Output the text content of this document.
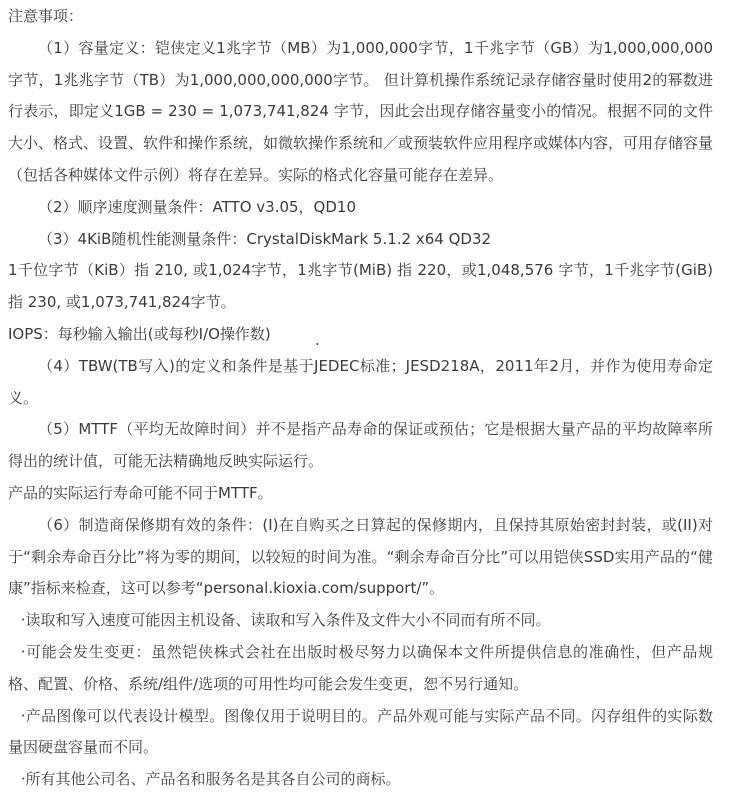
注意事项：

（1）容量定义：铠侠定义1兆字节（MB）为1,000,000字节，1千兆字节（GB）为1,000,000,000字节，1兆兆字节（TB）为1,000,000,000,000字节。 但计算机操作系统记录存储容量时使用2的幂数进行表示，即定义1GB = 230 = 1,073,741,824 字节，因此会出现存储容量变小的情况。根据不同的文件大小、格式、设置、软件和操作系统，如微软操作系统和／或预装软件应用程序或媒体内容，可用存储容量（包括各种媒体文件示例）将存在差异。实际的格式化容量可能存在差异。

（2）顺序速度测量条件：ATTO v3.05，QD10

（3）4KiB随机性能测量条件：CrystalDiskMark 5.1.2 x64 QD32

1千位字节（KiB）指 210, 或1,024字节，1兆字节(MiB) 指 220，或1,048,576 字节，1千兆字节(GiB)指 230, 或1,073,741,824字节。

IOPS：每秒输入输出(或每秒I/O操作数)

（4）TBW(TB写入)的定义和条件是基于JEDEC标准；JESD218A，2011年2月，并作为使用寿命定义。

（5）MTTF（平均无故障时间）并不是指产品寿命的保证或预估；它是根据大量产品的平均故障率所得出的统计值，可能无法精确地反映实际运行。

产品的实际运行寿命可能不同于MTTF。

（6）制造商保修期有效的条件：(I)在自购买之日算起的保修期内，且保持其原始密封封装，或(II)对于“剩余寿命百分比”将为零的期间，以较短的时间为准。“剩余寿命百分比”可以用铠侠SSD实用产品的“健康”指标来检查，这可以参考“personal.kioxia.com/support/”。

·读取和写入速度可能因主机设备、读取和写入条件及文件大小不同而有所不同。

·可能会发生变更：虽然铠侠株式会社在出版时极尽努力以确保本文件所提供信息的准确性，但产品规格、配置、价格、系统/组件/选项的可用性均可能会发生变更，恕不另行通知。

·产品图像可以代表设计模型。图像仅用于说明目的。产品外观可能与实际产品不同。闪存组件的实际数量因硬盘容量而不同。

·所有其他公司名、产品名和服务名是其各自公司的商标。

.
